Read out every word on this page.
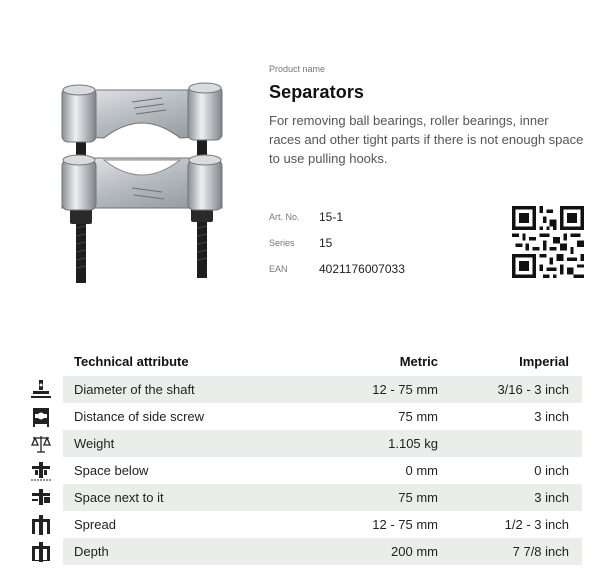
Product name
Separators
For removing ball bearings, roller bearings, inner races and other tight parts if there is not enough space to use pulling hooks.
Art. No.	15-1
Series	15
EAN	4021176007033
Technical attribute	Metric	Imperial
Diameter of the shaft	12 - 75 mm	3/16 - 3 inch
Distance of side screw	75 mm	3 inch
Weight	1.105 kg
Space below	0 mm	0 inch
Space next to it	75 mm	3 inch
Spread	12 - 75 mm	1/2 - 3 inch
Depth	200 mm	7 7/8 inch
